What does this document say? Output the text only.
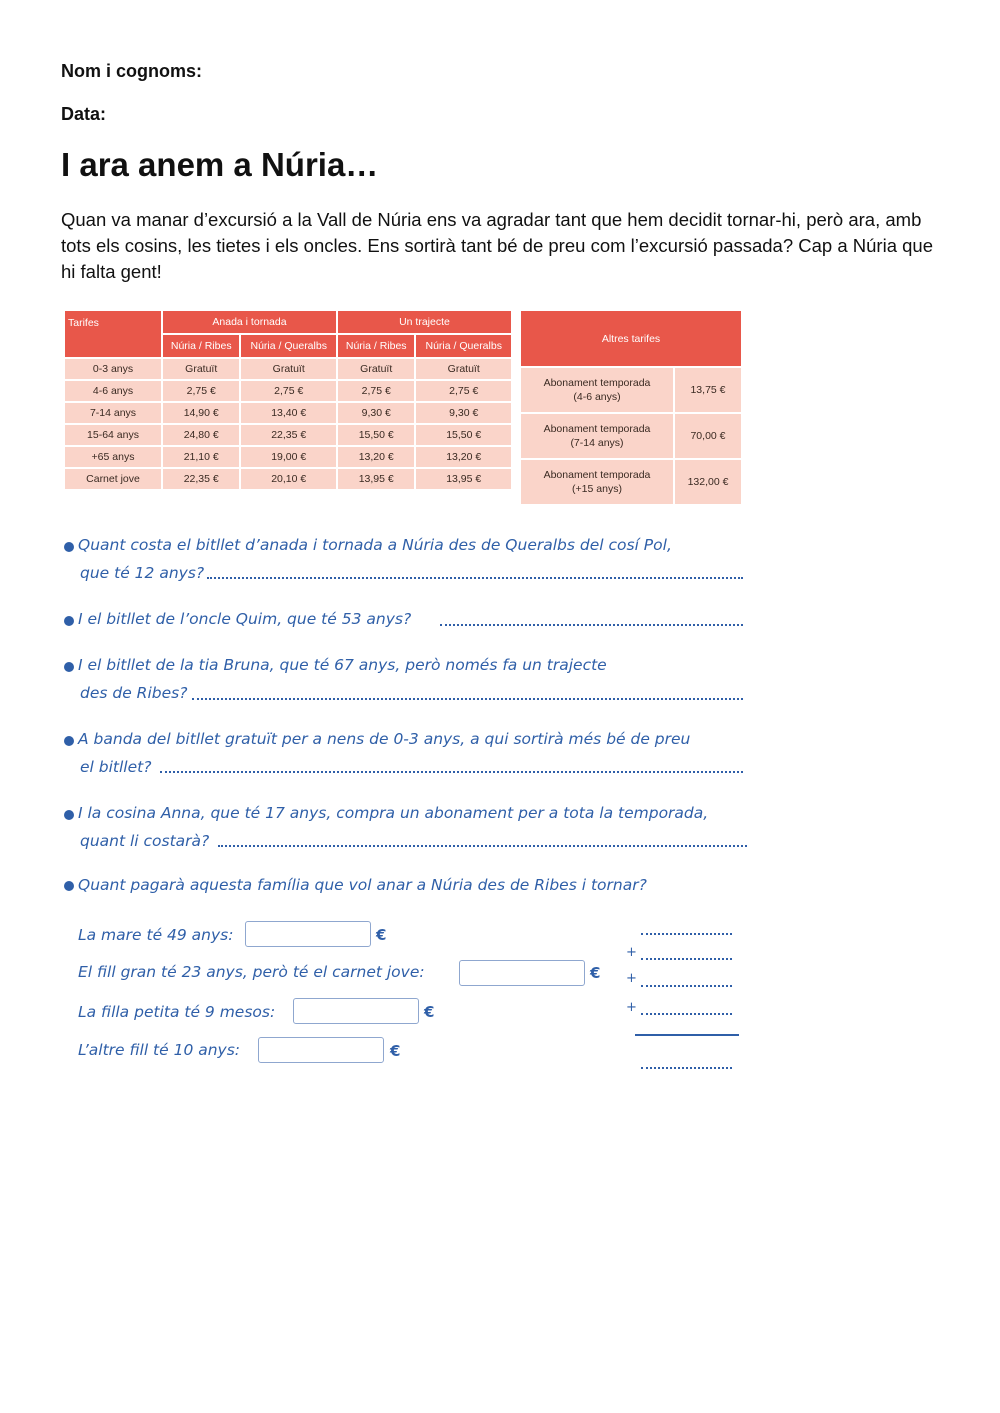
Nom i cognoms:
Data:
I ara anem a Núria…
Quan va manar d’excursió a la Vall de Núria ens va agradar tant que hem decidit tornar-hi, però ara, amb tots els cosins, les tietes i els oncles. Ens sortirà tant bé de preu com l’excursió passada? Cap a Núria que hi falta gent!
Tarifes	Anada i tornada		Un trajecte	
	Núria / Ribes	Núria / Queralbs	Núria / Ribes	Núria / Queralbs
0-3 anys	Gratuït	Gratuït	Gratuït	Gratuït
4-6 anys	2,75 €	2,75 €	2,75 €	2,75 €
7-14 anys	14,90 €	13,40 €	9,30 €	9,30 €
15-64 anys	24,80 €	22,35 €	15,50 €	15,50 €
+65 anys	21,10 €	19,00 €	13,20 €	13,20 €
Carnet jove	22,35 €	20,10 €	13,95 €	13,95 €
Altres tarifes	

Abonament temporada
(4-6 anys)	13,75 €

Abonament temporada
(7-14 anys)	70,00 €

Abonament temporada
(+15 anys)	132,00 €
Quant costa el bitllet d’anada i tornada a Núria des de Queralbs del cosí Pol,
que té 12 anys?
I el bitllet de l’oncle Quim, que té 53 anys?
I el bitllet de la tia Bruna, que té 67 anys, però només fa un trajecte
des de Ribes?
A banda del bitllet gratuït per a nens de 0-3 anys, a qui sortirà més bé de preu
el bitllet?
I la cosina Anna, que té 17 anys, compra un abonament per a tota la temporada,
quant li costarà?
Quant pagarà aquesta família que vol anar a Núria des de Ribes i tornar?
La mare té 49 anys:	€
El fill gran té 23 anys, però té el carnet jove:	€
La filla petita té 9 mesos:	€
L’altre fill té 10 anys:	€
+
+
+
